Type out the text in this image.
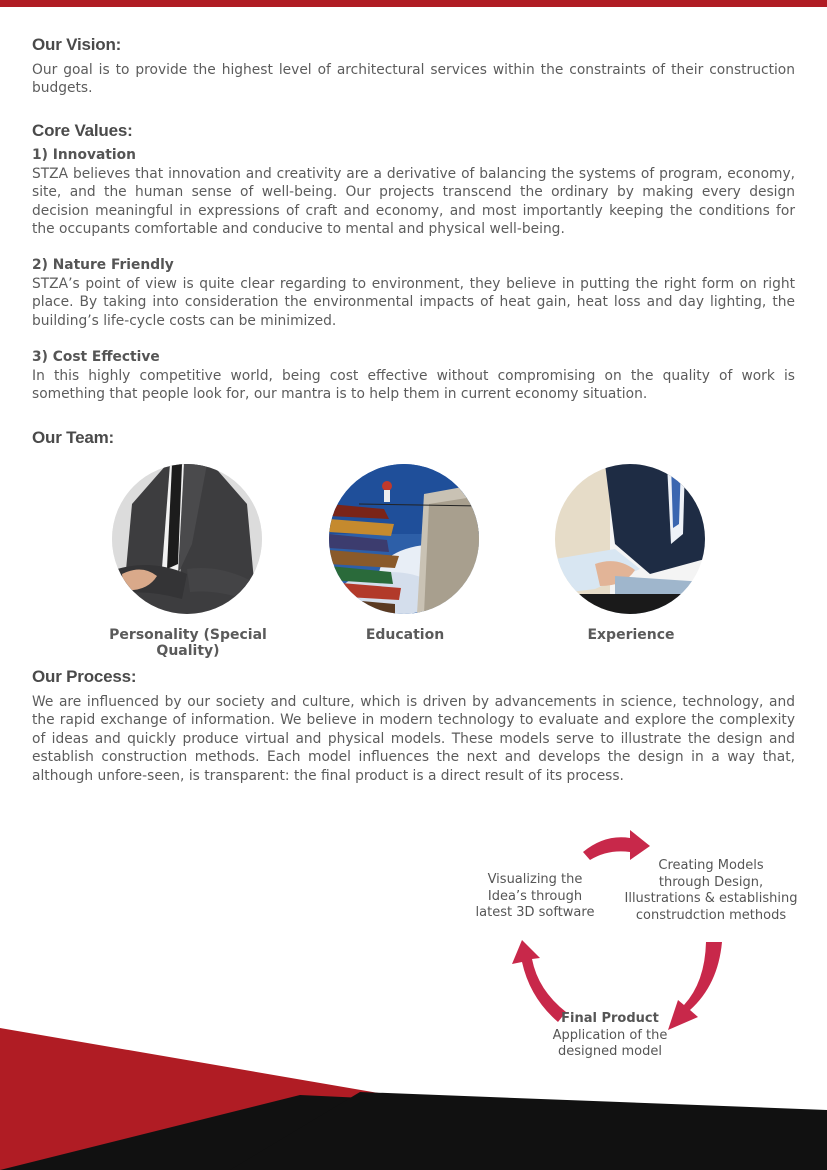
Our Vision:

Our goal is to provide the highest level of architectural services within the constraints of their construction budgets.

Core Values:

1) Innovation

STZA believes that innovation and creativity are a derivative of balancing the systems of program, economy, site, and the human sense of well-being. Our projects transcend the ordinary by making every design decision meaningful in expressions of craft and economy, and most importantly keeping the conditions for the occupants comfortable and conducive to mental and physical well-being.

2) Nature Friendly

STZA’s point of view is quite clear regarding to environment, they believe in putting the right form on right place. By taking into consideration the environmental impacts of heat gain, heat loss and day lighting, the building’s life-cycle costs can be minimized.

3) Cost Effective

In this highly competitive world, being cost effective without compromising on the quality of work is something that people look for, our mantra is to help them in current economy situation.

Our Team:
Personality (Special Quality)
Education	Experience
Our Process:

We are influenced by our society and culture, which is driven by advancements in science, technology, and the rapid exchange of information. We believe in modern technology to evaluate and explore the complexity of ideas and quickly produce virtual and physical models. These models serve to illustrate the design and establish construction methods. Each model influences the next and develops the design in a way that, although unfore-seen, is transparent: the final product is a direct result of its process.

Visualizing the
Idea’s through
latest 3D software
Creating Models
through Design,
Illustrations & establishing
construdction methods
Final Product
Application of the
designed model
